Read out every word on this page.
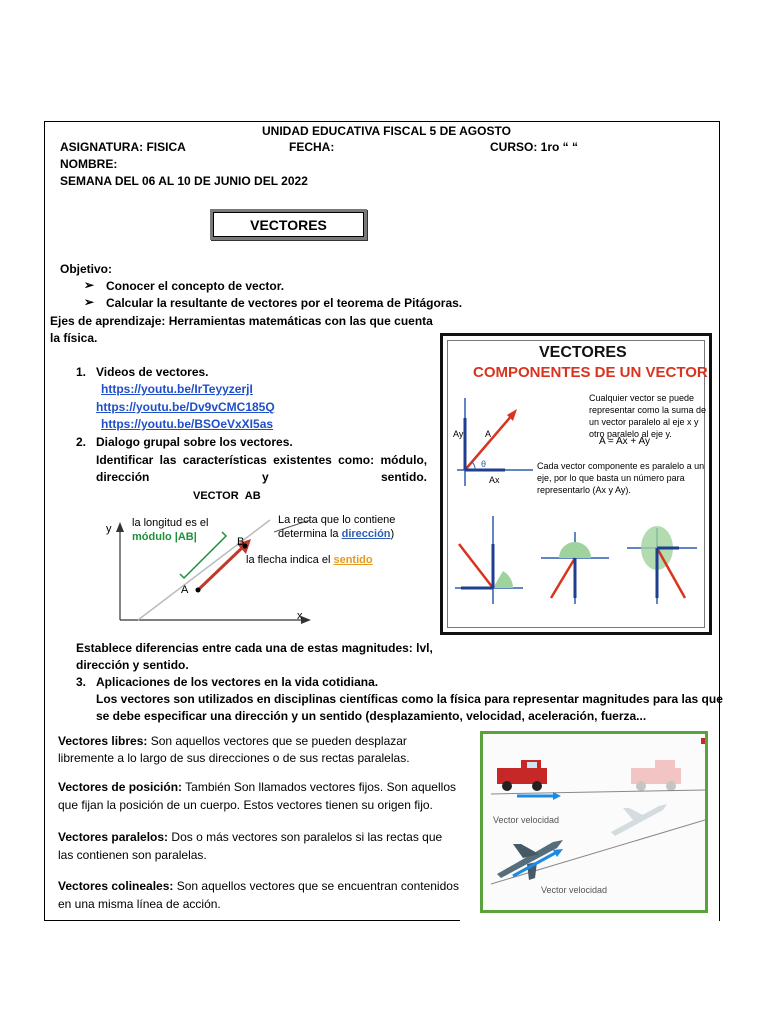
UNIDAD EDUCATIVA FISCAL 5 DE AGOSTO
ASIGNATURA: FISICA	FECHA:	CURSO: 1ro “ “
NOMBRE:
SEMANA DEL 06 AL 10 DE JUNIO DEL 2022
VECTORES
Objetivo:
➢ Conocer el concepto de vector.
➢ Calcular la resultante de vectores por el teorema de Pitágoras.
Ejes de aprendizaje: Herramientas matemáticas con las que cuenta
la física.
1. Videos de vectores.
https://youtu.be/IrTeyyzerjI
https://youtu.be/Dv9vCMC185Q
https://youtu.be/BSOeVxXI5as
2. Dialogo grupal sobre los vectores.
Identificar las características existentes como: módulo,
dirección	y	sentido.
VECTOR AB
y
x
A
B
la longitud es el
módulo |AB|
La recta que lo contiene
determina la dirección)
la flecha indica el sentido
Establece diferencias entre cada una de estas magnitudes: lvl,
dirección y sentido.
3. Aplicaciones de los vectores en la vida cotidiana.
Los vectores son utilizados en disciplinas científicas como la física para representar magnitudes para las que
se debe especificar una dirección y un sentido (desplazamiento, velocidad, aceleración, fuerza...
Vectores libres: Son aquellos vectores que se pueden desplazar
libremente a lo largo de sus direcciones o de sus rectas paralelas.
Vectores de posición: También Son llamados vectores fijos. Son aquellos
que fijan la posición de un cuerpo. Estos vectores tienen su origen fijo.
Vectores paralelos: Dos o más vectores son paralelos si las rectas que
las contienen son paralelas.
Vectores colineales: Son aquellos vectores que se encuentran contenidos
en una misma línea de acción.
VECTORES
COMPONENTES DE UN VECTOR
Cualquier vector se puede representar como la suma de un vector paralelo al eje x y otro paralelo al eje y.
A = Ax + Ay
Cada vector componente es paralelo a un eje, por lo que basta un número para representarlo (Ax y Ay).
Ay A
θ
Ax
Vector velocidad
Vector velocidad
